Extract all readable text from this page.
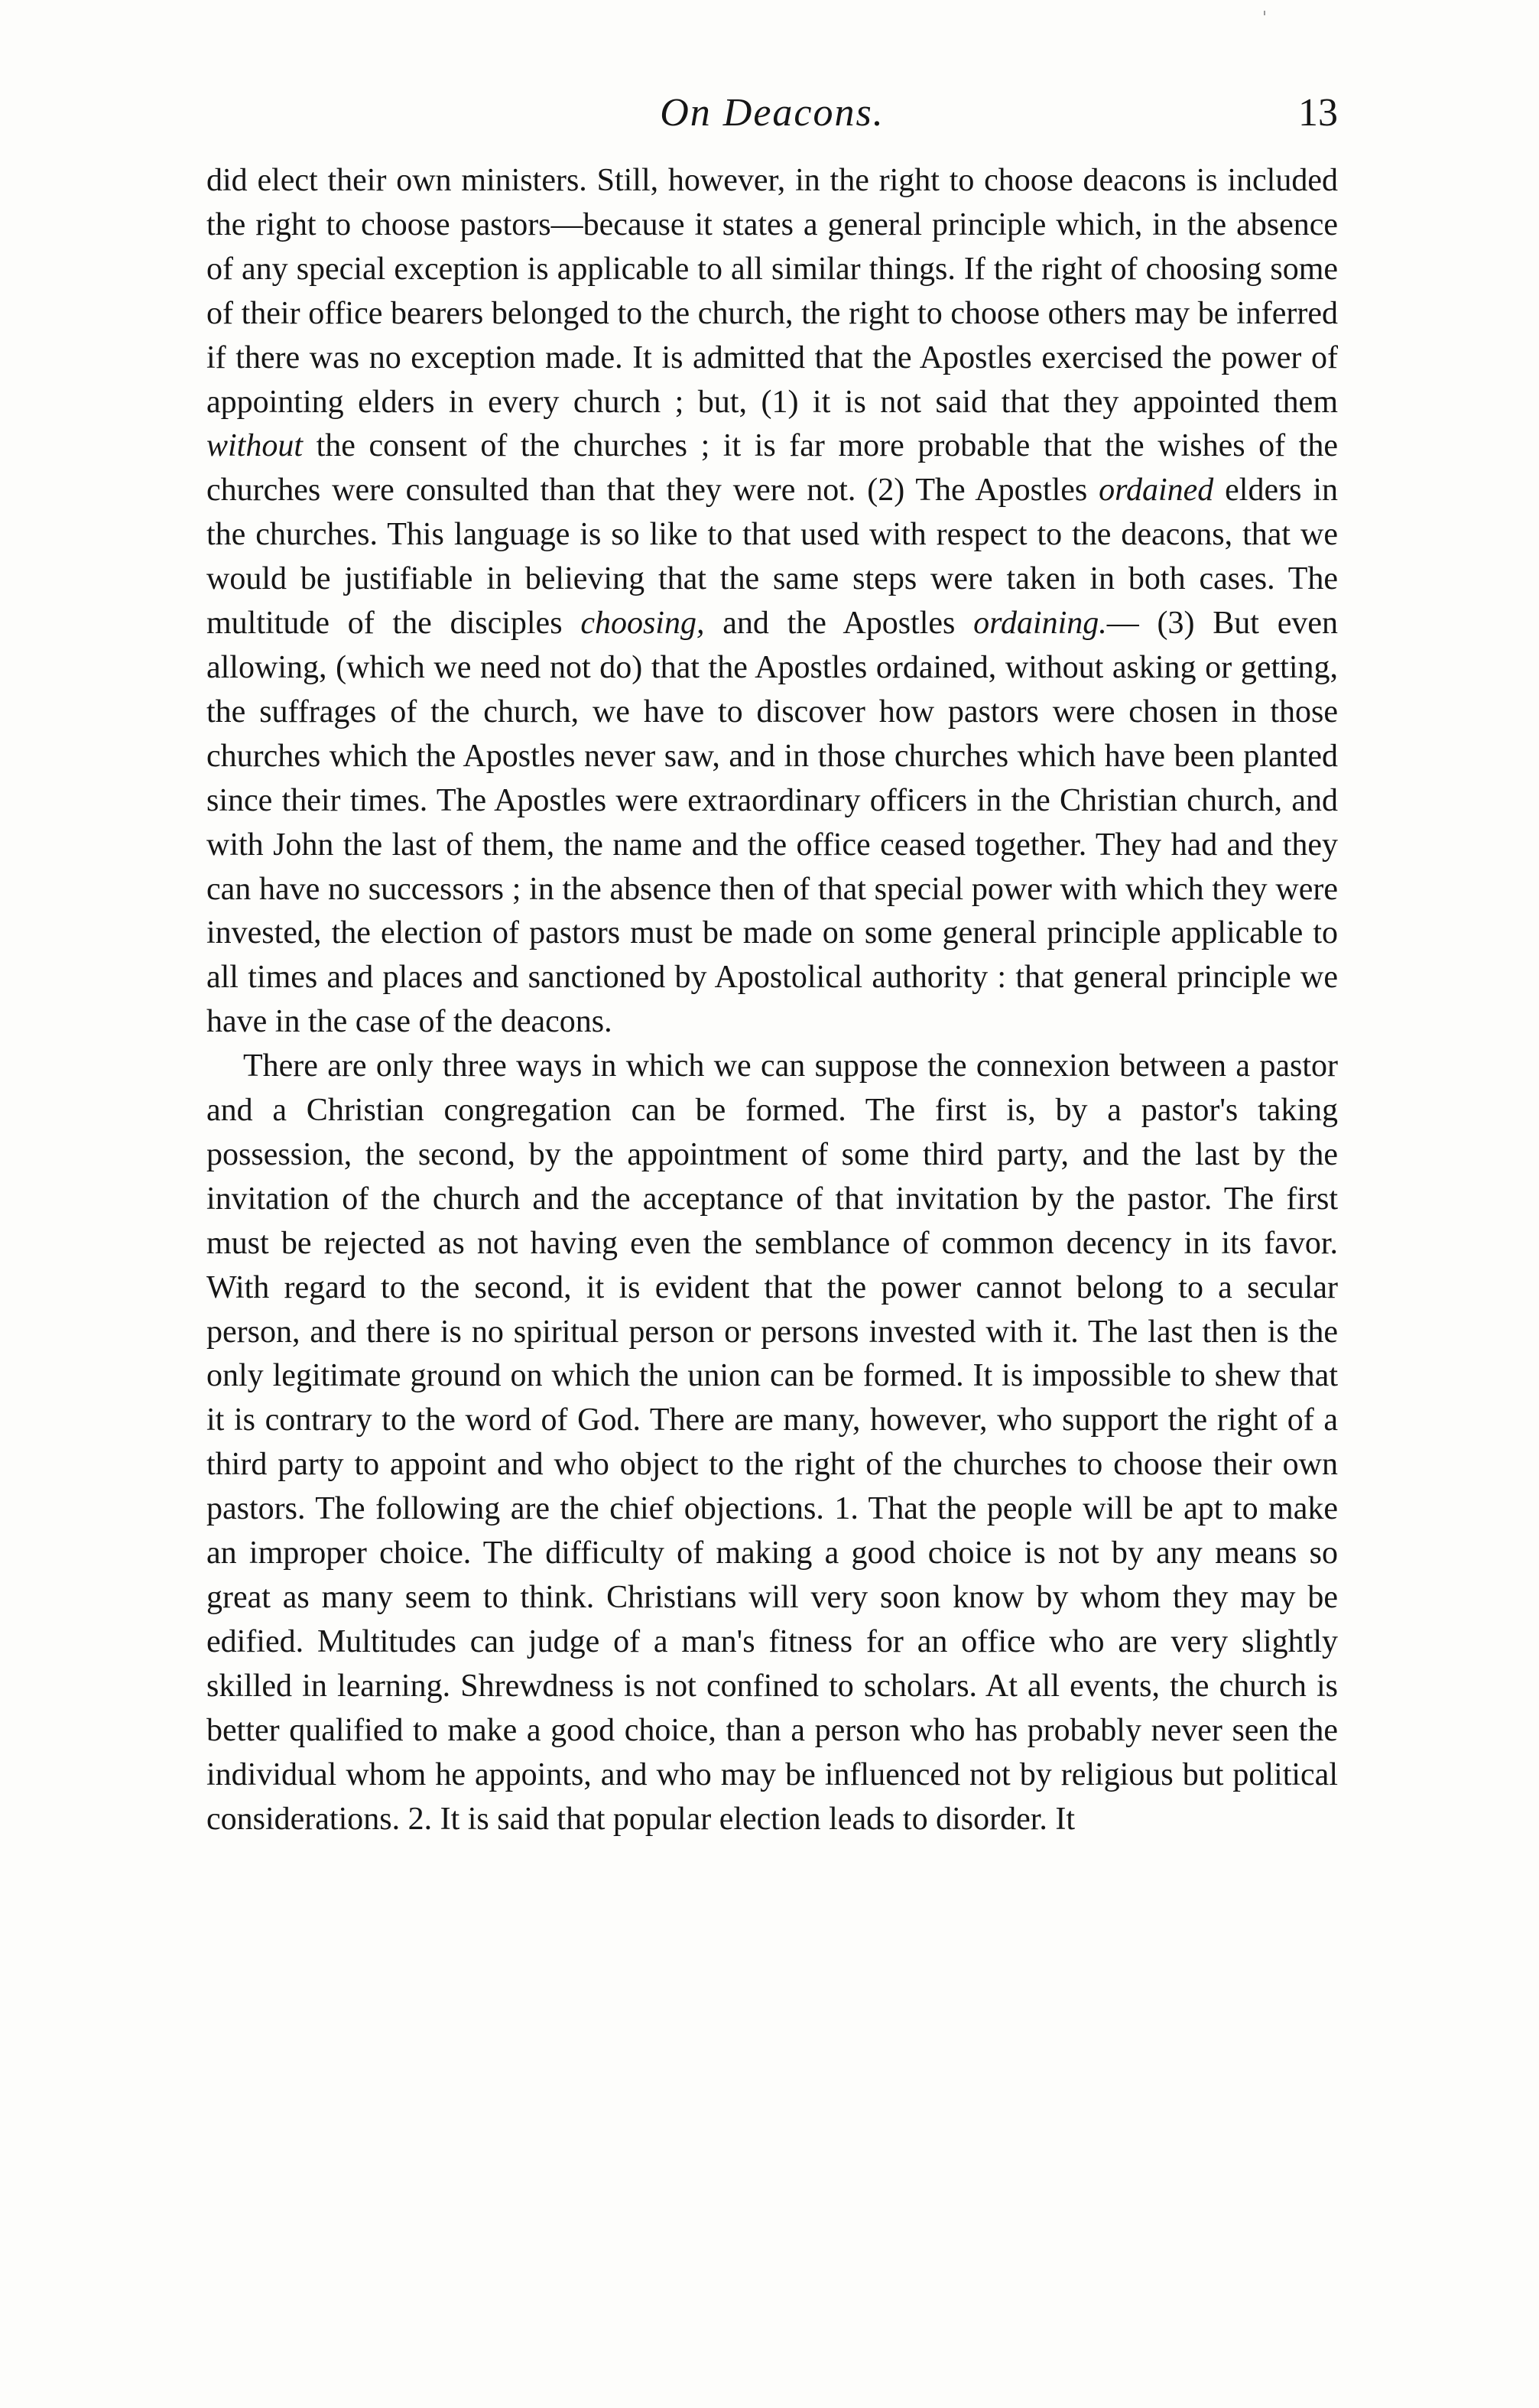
On Deacons.	13

did elect their own ministers. Still, however, in the right to choose deacons is included the right to choose pastors—because it states a general principle which, in the absence of any special exception is applicable to all similar things. If the right of choosing some of their office bearers belonged to the church, the right to choose others may be inferred if there was no exception made. It is admitted that the Apostles exercised the power of appointing elders in every church ; but, (1) it is not said that they appointed them without the consent of the churches ; it is far more probable that the wishes of the churches were consulted than that they were not. (2) The Apostles ordained elders in the churches. This language is so like to that used with respect to the deacons, that we would be justifiable in believing that the same steps were taken in both cases. The multitude of the disciples choosing, and the Apostles ordaining.— (3) But even allowing, (which we need not do) that the Apostles ordained, without asking or getting, the suffrages of the church, we have to discover how pastors were chosen in those churches which the Apostles never saw, and in those churches which have been planted since their times. The Apostles were extraordinary officers in the Christian church, and with John the last of them, the name and the office ceased together. They had and they can have no successors ; in the absence then of that special power with which they were invested, the election of pastors must be made on some general principle applicable to all times and places and sanctioned by Apostolical authority : that general principle we have in the case of the deacons.

There are only three ways in which we can suppose the connexion between a pastor and a Christian congregation can be formed. The first is, by a pastor's taking possession, the second, by the appointment of some third party, and the last by the invitation of the church and the acceptance of that invitation by the pastor. The first must be rejected as not having even the semblance of common decency in its favor. With regard to the second, it is evident that the power cannot belong to a secular person, and there is no spiritual person or persons invested with it. The last then is the only legitimate ground on which the union can be formed. It is impossible to shew that it is contrary to the word of God. There are many, however, who support the right of a third party to appoint and who object to the right of the churches to choose their own pastors. The following are the chief objections. 1. That the people will be apt to make an improper choice. The difficulty of making a good choice is not by any means so great as many seem to think. Christians will very soon know by whom they may be edified. Multitudes can judge of a man's fitness for an office who are very slightly skilled in learning. Shrewdness is not confined to scholars. At all events, the church is better qualified to make a good choice, than a person who has probably never seen the individual whom he appoints, and who may be influenced not by religious but political considerations. 2. It is said that popular election leads to disorder. It
